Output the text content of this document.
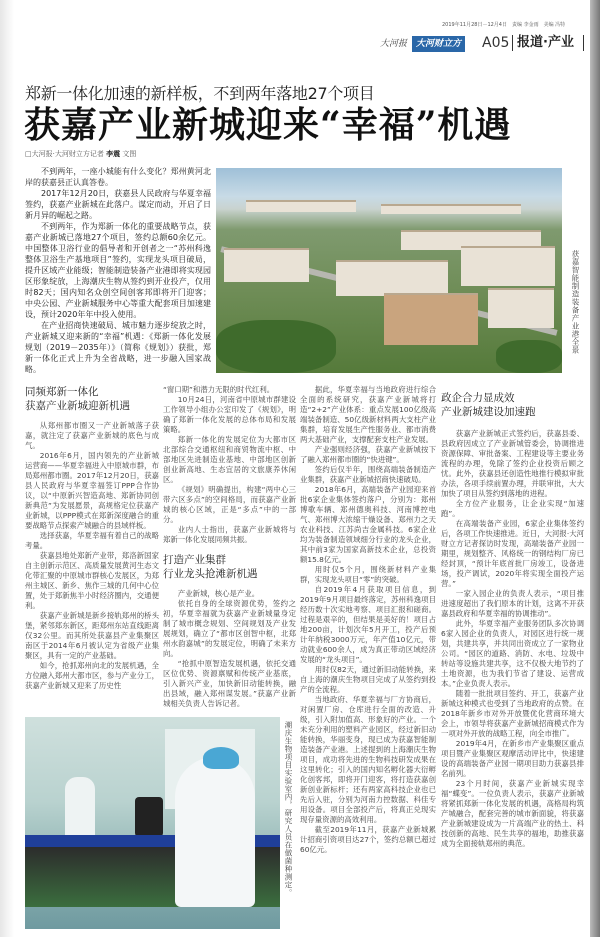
2019年11月28日－12月4日　责编 李金雨　美编 冯特
大河报 大河财立方 A05 报道·产业
郑新一体化加速的新样板，不到两年落地27个项目
获嘉产业新城迎来“幸福”机遇
□大河报·大河财立方记者 李震 文图

不到两年，一座小城能有什么变化？郑州黄河北岸的获嘉县正认真答卷。

2017年12月20日，获嘉县人民政府与华夏幸福签约，获嘉产业新城在此落户。谋定而动，开启了日新月异的崛起之路。

不到两年，作为郑新一体化的重要战略节点，获嘉产业新城已落地27个项目，签约总额60余亿元。中国整体卫浴行业的倡导者和开创者之一“苏州科逸整体卫浴生产基地项目”签约，实现龙头项目破局，提升区域产业能级；智能制造装备产业港即将实现园区形象绽放，上海潮庆生物从签约到开业投产，仅用时82天；国内知名众创空间创客邦即将开门迎客；中央公园、产业新城服务中心等重大配套项目加速建设，预计2020年年中投入使用。

在产业招商快速破局、城市魅力逐步绽放之时，产业新城又迎来新的“幸福”机遇：《郑新一体化发展规划（2019－2035年）》（简称《规划》）获批，郑新一体化正式上升为全省战略，进一步融入国家战略。

获嘉智能制造装备产业港全景
同频郑新一体化
获嘉产业新城迎新机遇

从郑州都市圈又一产业新城落子获嘉，就注定了获嘉产业新城的底色与成气。

2016年6月，国内领先的产业新城运营商——华夏幸福进入中原城市群，布局郑州都市圈。2017年12月20日，获嘉县人民政府与华夏幸福签订PPP合作协议，以“中原新兴智造高地、郑新协同创新典范”为发展愿景，高规格定位获嘉产业新城，以PPP模式在郑新深度融合的重要战略节点探索产城融合的县域样板。

选择获嘉，华夏幸福有着自己的战略考量。

获嘉县地处郑新产业带，郑洛新国家自主创新示范区、高质量发展黄河生态文化带汇聚的中原城市群核心发展区，为郑州主城区、新乡、焦作三城的几何中心位置，处于郑新焦半小时经济圈内，交通便利。

获嘉产业新城是新乡接轨郑州的桥头堡，紧邻郑东新区，距郑州东站直线距离仅32公里。而其所处获嘉县产业集聚区南区于2014年6月被认定为省级产业集聚区，具有一定的产业基础。

如今，抢抓郑州向北的发展机遇，全方位融入郑州大都市区，参与产业分工，获嘉产业新城又迎来了历史性

“窗口期”和潜力无限的时代红利。

10月24日，河南省中原城市群建设工作领导小组办公室印发了《规划》，明确了郑新一体化发展的总体布局和发展策略。

郑新一体化的发展定位为大都市区北部综合交通枢纽和商贸物流中枢、中部地区先进制造业基地、中部地区创新创业新高地、生态宜居的文旅康养休闲区。

《规划》明确提出，构建“两中心三带六区多点”的空间格局，而获嘉产业新城的核心区域，正是“多点”中的一部分。

业内人士指出，获嘉产业新城将与郑新一体化发展同频共振。

打造产业集群
行业龙头抢滩新机遇

产业新城，核心是产业。

依托自身的全球资源优势，签约之初，华夏幸福就为获嘉产业新城量身定制了城市概念规划、空间规划及产业发展规划，确立了“都市区创智中枢，北郑州水韵嘉城”的发展定位，明确了未来方向。

“抢抓中原智造发展机遇，依托交通区位优势、资源禀赋和传统产业基底，引入新兴产业，加快新旧动能转换，融出县域，融入郑州谋发展。”获嘉产业新城相关负责人告诉记者。

据此，华夏幸福与当地政府进行综合全面的系统研究，获嘉产业新城将打造“2+2”产业体系：重点发展100亿级高端装备制造、50亿级新材料两大支柱产业集群，培育发展生产性服务业、都市消费两大基础产业，支撑配套支柱产业发展。

产业强则经济强，获嘉产业新城按下了融入郑州都市圈的“快进键”。

签约后仅半年，围绕高端装备制造产业集群，获嘉产业新城招商快速破局。

2018年6月，高端装备产业园迎来首批6家企业集体签约落户，分别为：郑州博歌车辆、郑州德奥科技、河南博控电气、郑州博大浓缩干燥设备、郑州力之天农业科技、江苏尚吉金属科技。6家企业均为装备制造领域细分行业的龙头企业，其中前3家为国家高新技术企业，总投资额15.8亿元。

用时仅5个月，围绕新材料产业集群，实现龙头项目“零”的突破。

自2019年4月获取项目信息，到2019年9月项目最终落定，苏州科逸项目经历数十次实地考察、项目汇报和磋商。过程是艰辛的，但结果是美好的！项目占地200亩，计划次年5月开工，投产后预计年纳税3000万元，年产值10亿元，带动就业600余人，成为真正带动区域经济发展的“龙头项目”。

用时仅82天，通过新旧动能转换，来自上海的潮庆生物项目完成了从签约到投产的全流程。

当地政府、华夏幸福与厂方协商后，对闲置厂房、仓库进行全面的改造、升级，引入附加值高、形象好的产业。一个未充分利用的塑料产业园区，经过新旧动能转换，华丽变身，现已成为获嘉智能制造装备产业港。上述提到的上海潮庆生物项目，成功将先进的生物科技研发成果在这里转化；引入的国内知名孵化器大衍孵化创客邦，即将开门迎客，将打造获嘉创新创业新标杆；还有两家高科技企业也已先后入驻，分别为河南力控数据、科佳专用设备。项目全部投产后，将真正兑现实现存量资源的高效利用。

截至2019年11月，获嘉产业新城累计招商引资项目达27个，签约总额已超过60亿元。

政企合力显成效
产业新城建设加速跑

获嘉产业新城正式签约后，获嘉县委、县政府因成立了产业新城管委会，协调推进资源保障、审批备案、工程建设等主要业务流程的办理，免除了签约企业投资后顾之忧。此外，获嘉县还创造性地推行模拟审批办法，各项手续前置办理，并联审批，大大加快了项目从签约到落地的进程。

全方位产业服务，让企业实现“加速跑”。

在高端装备产业园，6家企业集体签约后，各项工作快速推进。近日，大河报·大河财立方记者探访时发现，高端装备产业园一期里，规划整齐、风格统一的钢结构厂房已经封顶，“预计年底首批厂房竣工，设备进场，投产调试，2020年将实现全面投产运营。”

一家入园企业的负责人表示，“项目推进速度超出了我们原本的计划，这离不开获嘉县政府和华夏幸福的协调推动”。

此外，华夏幸福产业服务团队多次协调6家入园企业的负责人，对园区进行统一规划，共建共享，并共同出资成立了一家物业公司。“园区的道路、消防、水电、垃圾中转站等设施共建共享，这不仅极大地节约了土地资源，也为我们节省了建设、运营成本。”企业负责人表示。

随着一批批项目签约、开工，获嘉产业新城这种模式也受到了当地政府的点赞。在2018年新乡市对外开放暨优化营商环境大会上，市领导将获嘉产业新城招商模式作为一项对外开放的战略工程，向全市推广。

2019年4月，在新乡市产业集聚区重点项目暨产业集聚区观摩活动评比中，快速建设的高端装备产业园一期项目助力获嘉县排名前列。

23个月时间，获嘉产业新城实现幸福“蝶变”。一位负责人表示，获嘉产业新城将紧抓郑新一体化发展的机遇，高格局构筑产城融合，配套完善的城市新面貌，将获嘉产业新城建设成为一片高端产业的热土、科技创新的高地、民生共享的福地，助推获嘉成为全面接轨郑州的典范。

潮庆生物项目实验室内，研究人员在做菌种测定。
